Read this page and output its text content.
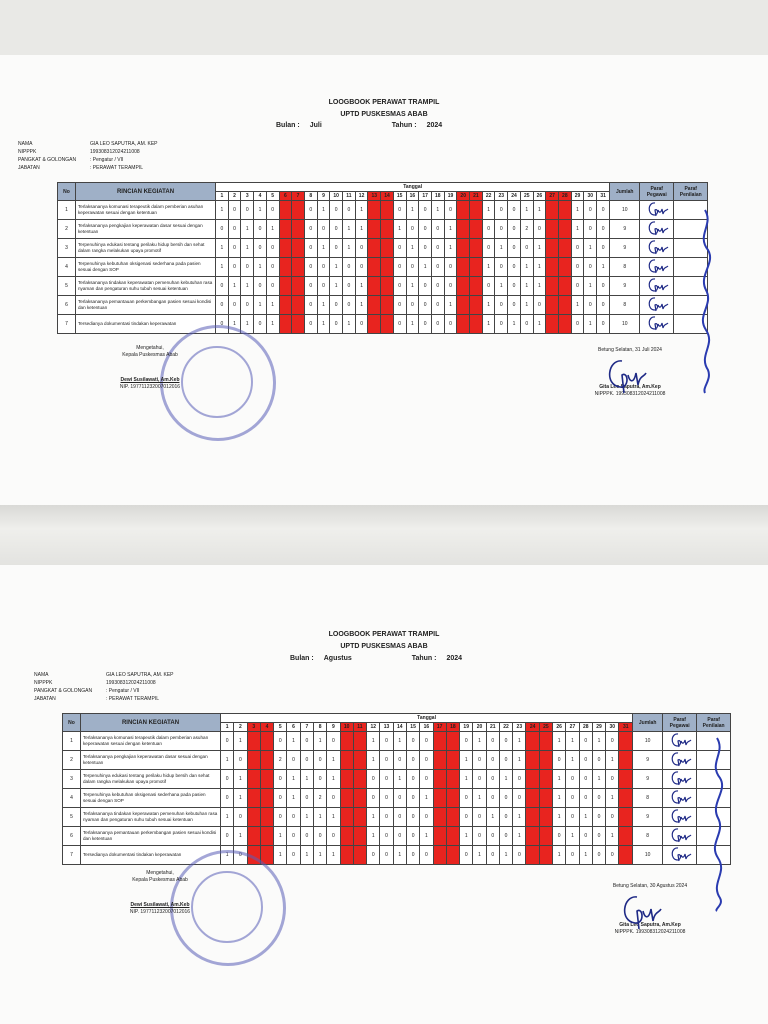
LOOGBOOK PERAWAT TRAMPIL
UPTD PUSKESMAS ABAB
Bulan : Juli	Tahun : 2024
NAMA	GIA LEO SAPUTRA, AM. KEP
NIPPPK	199308312024211008
PANGKAT & GOLONGAN	: Pengatur / VII
JABATAN	: PERAWAT TERAMPIL
No	RINCIAN KEGIATAN	Tanggal																															Jumlah	Paraf Pegawai	Paraf Penilaian
		1	2	3	4	5	6	7	8	9	10	11	12	13	14	15	16	17	18	19	20	21	22	23	24	25	26	27	28	29	30	31			
1	Terlaksananya komunasi terapeutik dalam pemberian asuhan keperawatan sesuai dengan ketentuan	1	0	0	1	0			0	1	0	0	1			0	1	0	1	0			1	0	0	1	1			1	0	0	10		
2	Terlaksananya pengkajian keperawatan dasar sesuai dengan ketentuan	0	0	1	0	1			0	0	0	1	1			1	0	0	0	1			0	0	0	2	0			1	0	0	9		
3	Terpenuhinya edukasi tentang perilaku hidup bersih dan sehat dalam rangka melakukan upaya promotif	1	0	1	0	0			0	1	0	1	0			0	1	0	0	1			0	1	0	0	1			0	1	0	9		
4	Terpenuhinya kebutuhan oksigenasi sederhana pada pasien sesuai dengan SOP	1	0	0	1	0			0	0	1	0	0			0	0	1	0	0			1	0	0	1	1			0	0	1	8		
5	Terlaksananya tindakan keperawatan pemenuhan kebutuhan rasa nyaman dan pengaturan suhu tubuh sesuai ketentuan	0	1	1	0	0			0	0	1	0	1			0	1	0	0	0			0	1	0	1	1			0	1	0	9		
6	Terlaksananya pemantauan perkembangan pasien sesuai kondisi dan ketentuan	0	0	0	1	1			0	1	0	0	1			0	0	0	0	1			1	0	0	1	0			1	0	0	8		
7	Tersedianya dokumentasi tindakan keperawatan	0	1	1	0	1			0	1	0	1	0			0	1	0	0	0			1	0	1	0	1			0	1	0	10		
Mengetahui,
Kepala Puskesmas Abab
Dewi Susilawati, Am.Keb
NIP. 197711232007012016
Betung Selatan, 31 Juli 2024
Gita Leo Saputra, Am.Kep
NIPPPK. 199308312024211008
LOOGBOOK PERAWAT TRAMPIL
UPTD PUSKESMAS ABAB
Bulan : Agustus	Tahun : 2024
NAMA	GIA LEO SAPUTRA, AM. KEP
NIPPPK	199308312024211008
PANGKAT & GOLONGAN	: Pengatur / VII
JABATAN	: PERAWAT TERAMPIL
No	RINCIAN KEGIATAN	Tanggal																															Jumlah	Paraf Pegawai	Paraf Penilaian
		1	2	3	4	5	6	7	8	9	10	11	12	13	14	15	16	17	18	19	20	21	22	23	24	25	26	27	28	29	30	31			
1	Terlaksananya komunasi terapeutik dalam pemberian asuhan keperawatan sesuai dengan ketentuan	0	1			0	1	0	1	0			1	0	1	0	0			0	1	0	0	1			1	1	0	1	0		10		
2	Terlaksananya pengkajian keperawatan dasar sesuai dengan ketentuan	1	0			2	0	0	0	1			1	0	0	0	0			1	0	0	0	1			0	1	0	0	1		9		
3	Terpenuhinya edukasi tentang perilaku hidup bersih dan sehat dalam rangka melakukan upaya promotif	0	1			0	1	1	0	1			0	0	1	0	0			1	0	0	1	0			1	0	0	1	0		9		
4	Terpenuhinya kebutuhan oksigenasi sederhana pada pasien sesuai dengan SOP	0	1			0	1	0	2	0			0	0	0	0	1			0	1	0	0	0			1	0	0	0	1		8		
5	Terlaksananya tindakan keperawatan pemenuhan kebutuhan rasa nyaman dan pengaturan suhu tubuh sesuai ketentuan	1	0			0	0	1	1	1			1	0	0	0	0			0	0	1	0	1			1	0	1	0	0		9		
6	Terlaksananya pemantauan perkembangan pasien sesuai kondisi dan ketentuan	0	1			1	0	0	0	0			1	0	0	0	1			1	0	0	0	1			0	1	0	0	1		8		
7	Tersedianya dokumentasi tindakan keperawatan	1	0			1	0	1	1	1			0	0	1	0	0			0	1	0	1	0			1	0	1	0	0		10		
Mengetahui,
Kepala Puskesmas Abab
Dewi Susilawati, Am.Keb
NIP. 197711232007012016
Betung Selatan, 30 Agustus 2024
Gita Leo Saputra, Am.Kep
NIPPPK. 199308312024211008
